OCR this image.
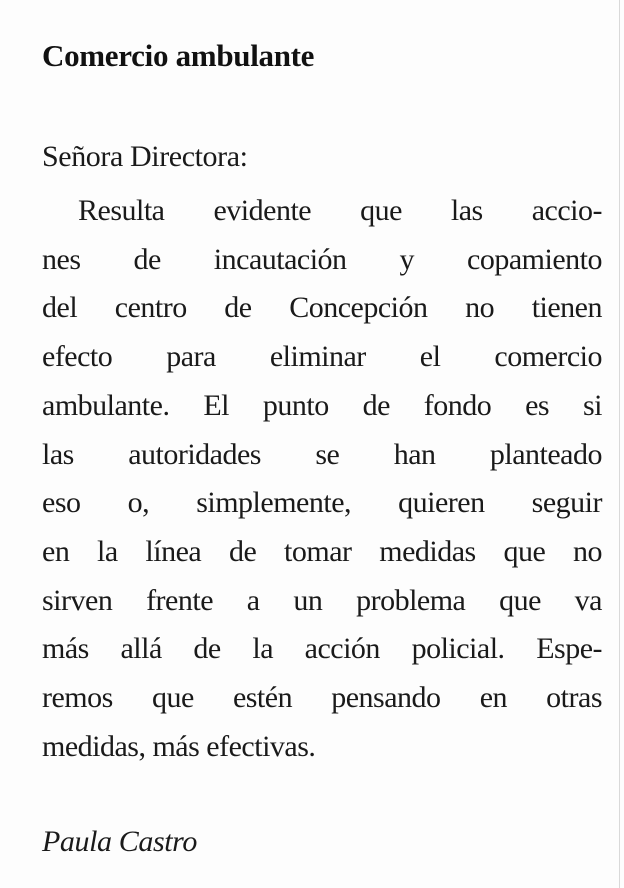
Comercio ambulante

Señora Directora:

Resulta evidente que las accio-
nes de incautación y copamiento
del centro de Concepción no tienen
efecto para eliminar el comercio
ambulante. El punto de fondo es si
las autoridades se han planteado
eso o, simplemente, quieren seguir
en la línea de tomar medidas que no
sirven frente a un problema que va
más allá de la acción policial. Espe-
remos que estén pensando en otras
medidas, más efectivas.

Paula Castro
